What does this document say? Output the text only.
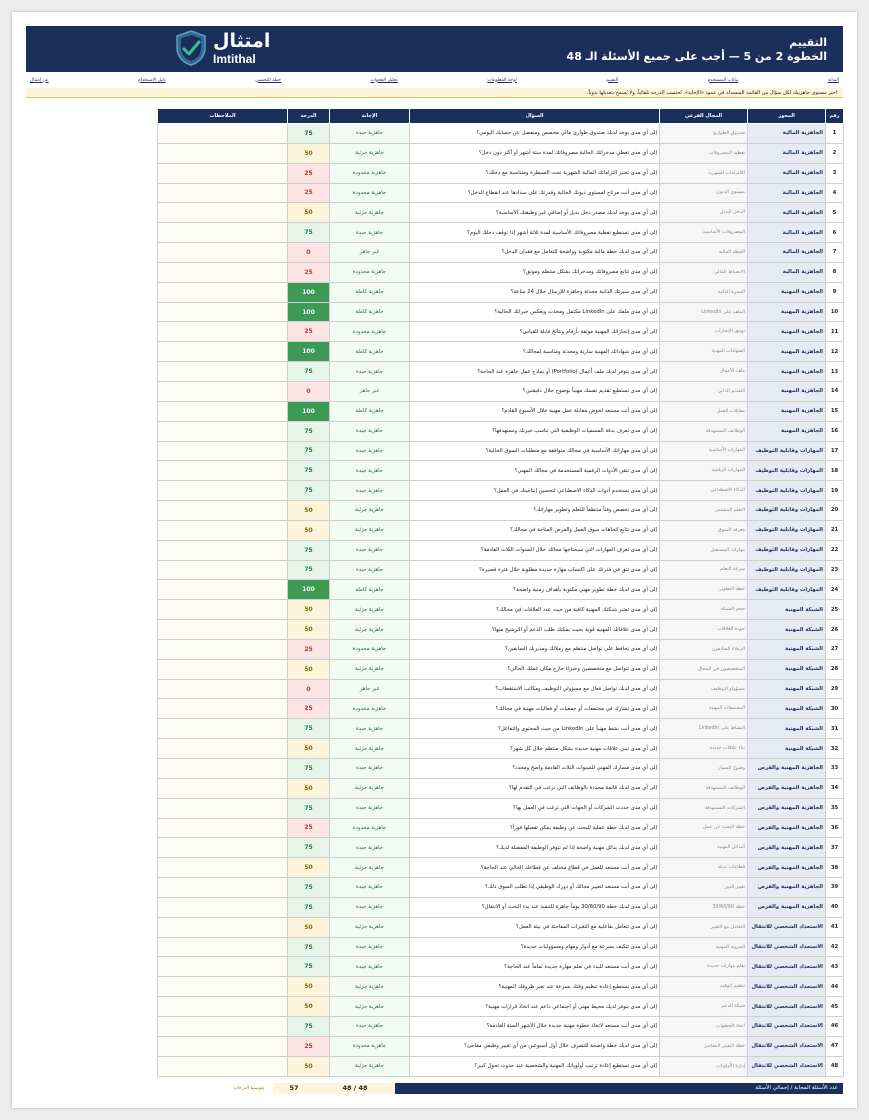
التقييم
الخطوة 2 من 5 — أجب على جميع الأسئلة الـ 48
امتثال
Imtithal
البداية
بيانات المستخدم
التقييم
لوحة المعلومات
تحليل الفجوات
خطة التحسين
دليل الاستخدام
عن امتثال
اختر مستوى جاهزيتك لكل سؤال من القائمة المنسدلة في عمود «الإجابة». تُحتسب الدرجة تلقائياً، ولا يُسمح بتعديلها يدوياً.
رقم	المحور	المجال الفرعي	السؤال	الإجابة	الدرجة	الملاحظات
1	الجاهزية المالية	صندوق الطوارئ	إلى أي مدى يوجد لديك صندوق طوارئ مالي مخصص ومنفصل عن حسابك اليومي؟	جاهزية جيدة	75	
2	الجاهزية المالية	تغطية المصروفات	إلى أي مدى تغطي مدخراتك الحالية مصروفاتك لمدة ستة أشهر أو أكثر دون دخل؟	جاهزية جزئية	50	
3	الجاهزية المالية	الالتزامات الشهرية	إلى أي مدى تعتبر التزاماتك المالية الشهرية تحت السيطرة ومتناسبة مع دخلك؟	جاهزية محدودة	25	
4	الجاهزية المالية	مستوى الديون	إلى أي مدى أنت مرتاح لمستوى ديونك الحالية وقدرتك على سدادها عند انقطاع الدخل؟	جاهزية محدودة	25	
5	الجاهزية المالية	الدخل البديل	إلى أي مدى يوجد لديك مصدر دخل بديل أو إضافي غير وظيفتك الأساسية؟	جاهزية جزئية	50	
6	الجاهزية المالية	المصروفات الأساسية	إلى أي مدى تستطيع تغطية مصروفاتك الأساسية لمدة ثلاثة أشهر إذا توقف دخلك اليوم؟	جاهزية جيدة	75	
7	الجاهزية المالية	الخطة المالية	إلى أي مدى لديك خطة مالية مكتوبة وواضحة للتعامل مع فقدان الدخل؟	غير جاهز	0	
8	الجاهزية المالية	الانضباط المالي	إلى أي مدى تتابع مصروفاتك ومدخراتك بشكل منتظم وموثق؟	جاهزية محدودة	25	
9	الجاهزية المهنية	السيرة الذاتية	إلى أي مدى سيرتك الذاتية محدثة وجاهزة للإرسال خلال 24 ساعة؟	جاهزية كاملة	100	
10	الجاهزية المهنية	الملف على LinkedIn	إلى أي مدى ملفك على LinkedIn مكتمل ومحدث ويعكس خبراتك الحالية؟	جاهزية كاملة	100	
11	الجاهزية المهنية	توثيق الإنجازات	إلى أي مدى إنجازاتك المهنية موثقة بأرقام ونتائج قابلة للقياس؟	جاهزية محدودة	25	
12	الجاهزية المهنية	الشهادات المهنية	إلى أي مدى شهاداتك المهنية سارية ومحدثة ومناسبة لمجالك؟	جاهزية كاملة	100	
13	الجاهزية المهنية	ملف الأعمال	إلى أي مدى يتوفر لديك ملف أعمال (Portfolio) أو نماذج عمل جاهزة عند الحاجة؟	جاهزية جيدة	75	
14	الجاهزية المهنية	التقديم الذاتي	إلى أي مدى تستطيع تقديم نفسك مهنياً بوضوح خلال دقيقتين؟	غير جاهز	0	
15	الجاهزية المهنية	مقابلات العمل	إلى أي مدى أنت مستعد لخوض مقابلة عمل مهنية خلال الأسبوع القادم؟	جاهزية كاملة	100	
16	الجاهزية المهنية	الوظائف المستهدفة	إلى أي مدى تعرف بدقة المسميات الوظيفية التي تناسب خبرتك وتستهدفها؟	جاهزية جيدة	75	
17	المهارات وقابلية التوظيف	المهارات الأساسية	إلى أي مدى مهاراتك الأساسية في مجالك متوافقة مع متطلبات السوق الحالية؟	جاهزية جيدة	75	
18	المهارات وقابلية التوظيف	المهارات الرقمية	إلى أي مدى تتقن الأدوات الرقمية المستخدمة في مجالك المهني؟	جاهزية جيدة	75	
19	المهارات وقابلية التوظيف	الذكاء الاصطناعي	إلى أي مدى تستخدم أدوات الذكاء الاصطناعي لتحسين إنتاجيتك في العمل؟	جاهزية جيدة	75	
20	المهارات وقابلية التوظيف	التعلم المستمر	إلى أي مدى تخصص وقتاً منتظماً للتعلم وتطوير مهاراتك؟	جاهزية جزئية	50	
21	المهارات وقابلية التوظيف	معرفة السوق	إلى أي مدى تتابع اتجاهات سوق العمل والفرص المتاحة في مجالك؟	جاهزية جزئية	50	
22	المهارات وقابلية التوظيف	مهارات المستقبل	إلى أي مدى تعرف المهارات التي سيحتاجها مجالك خلال السنوات الثلاث القادمة؟	جاهزية جيدة	75	
23	المهارات وقابلية التوظيف	سرعة التعلم	إلى أي مدى تثق في قدرتك على اكتساب مهارة جديدة مطلوبة خلال فترة قصيرة؟	جاهزية جيدة	75	
24	المهارات وقابلية التوظيف	خطة التطوير	إلى أي مدى لديك خطة تطوير مهني مكتوبة بأهداف زمنية واضحة؟	جاهزية كاملة	100	
25	الشبكة المهنية	حجم الشبكة	إلى أي مدى تعتبر شبكتك المهنية كافية من حيث عدد العلاقات في مجالك؟	جاهزية جزئية	50	
26	الشبكة المهنية	جودة العلاقات	إلى أي مدى علاقاتك المهنية قوية بحيث يمكنك طلب الدعم أو الترشيح منها؟	جاهزية جزئية	50	
27	الشبكة المهنية	الزملاء السابقون	إلى أي مدى تحافظ على تواصل منتظم مع زملائك ومديريك السابقين؟	جاهزية محدودة	25	
28	الشبكة المهنية	المتخصصون في المجال	إلى أي مدى تتواصل مع متخصصين وخبراء خارج مكان عملك الحالي؟	جاهزية جزئية	50	
29	الشبكة المهنية	مسؤولو التوظيف	إلى أي مدى لديك تواصل فعال مع مسؤولي التوظيف ومكاتب الاستقطاب؟	غير جاهز	0	
30	الشبكة المهنية	المجتمعات المهنية	إلى أي مدى تشارك في مجتمعات أو جمعيات أو فعاليات مهنية في مجالك؟	جاهزية محدودة	25	
31	الشبكة المهنية	النشاط على LinkedIn	إلى أي مدى أنت نشط مهنياً على LinkedIn من حيث المحتوى والتفاعل؟	جاهزية جيدة	75	
32	الشبكة المهنية	بناء علاقات جديدة	إلى أي مدى تبني علاقات مهنية جديدة بشكل منتظم خلال كل شهر؟	جاهزية جزئية	50	
33	الجاهزية المهنية والفرص	وضوح المسار	إلى أي مدى مسارك المهني للسنوات الثلاث القادمة واضح ومحدد؟	جاهزية جيدة	75	
34	الجاهزية المهنية والفرص	الوظائف المستهدفة	إلى أي مدى لديك قائمة محددة بالوظائف التي ترغب في التقدم لها؟	جاهزية جزئية	50	
35	الجاهزية المهنية والفرص	الشركات المستهدفة	إلى أي مدى حددت الشركات أو الجهات التي ترغب في العمل بها؟	جاهزية جيدة	75	
36	الجاهزية المهنية والفرص	خطة البحث عن عمل	إلى أي مدى لديك خطة عملية للبحث عن وظيفة يمكن تفعيلها فوراً؟	جاهزية محدودة	25	
37	الجاهزية المهنية والفرص	البدائل المهنية	إلى أي مدى لديك بدائل مهنية واضحة إذا لم تتوفر الوظيفة المفضلة لديك؟	جاهزية جيدة	75	
38	الجاهزية المهنية والفرص	قطاعات بديلة	إلى أي مدى أنت مستعد للعمل في قطاع مختلف عن قطاعك الحالي عند الحاجة؟	جاهزية جزئية	50	
39	الجاهزية المهنية والفرص	تغيير الدور	إلى أي مدى أنت مستعد لتغيير مجالك أو دورك الوظيفي إذا تطلب السوق ذلك؟	جاهزية جيدة	75	
40	الجاهزية المهنية والفرص	خطة 30/60/90	إلى أي مدى لديك خطة 30/60/90 يوماً جاهزة للتنفيذ عند بدء البحث أو الانتقال؟	جاهزية جيدة	75	
41	الاستعداد الشخصي للانتقال	التعامل مع التغيير	إلى أي مدى تتعامل بفاعلية مع التغيرات المفاجئة في بيئة العمل؟	جاهزية جزئية	50	
42	الاستعداد الشخصي للانتقال	المرونة المهنية	إلى أي مدى تتكيف بسرعة مع أدوار ومهام ومسؤوليات جديدة؟	جاهزية جيدة	75	
43	الاستعداد الشخصي للانتقال	تعلم مهارات جديدة	إلى أي مدى أنت مستعد للبدء في تعلم مهارة جديدة تماماً عند الحاجة؟	جاهزية جيدة	75	
44	الاستعداد الشخصي للانتقال	تنظيم الوقت	إلى أي مدى تستطيع إعادة تنظيم وقتك بسرعة عند تغير ظروفك المهنية؟	جاهزية جزئية	50	
45	الاستعداد الشخصي للانتقال	شبكة الدعم	إلى أي مدى يتوفر لديك محيط مهني أو اجتماعي داعم عند اتخاذ قرارات مهنية؟	جاهزية جزئية	50	
46	الاستعداد الشخصي للانتقال	اتخاذ الخطوات	إلى أي مدى أنت مستعد لاتخاذ خطوة مهنية جديدة خلال الأشهر الستة القادمة؟	جاهزية جيدة	75	
47	الاستعداد الشخصي للانتقال	خطة التغيير المفاجئ	إلى أي مدى لديك خطة واضحة للتصرف خلال أول أسبوعين من أي تغيير وظيفي مفاجئ؟	جاهزية محدودة	25	
48	الاستعداد الشخصي للانتقال	إدارة الأولويات	إلى أي مدى تستطيع إعادة ترتيب أولوياتك المهنية والشخصية عند حدوث تحول كبير؟	جاهزية جزئية	50	
عدد الأسئلة المجابة / إجمالي الأسئلة
48 / 48
57
متوسط الدرجات
